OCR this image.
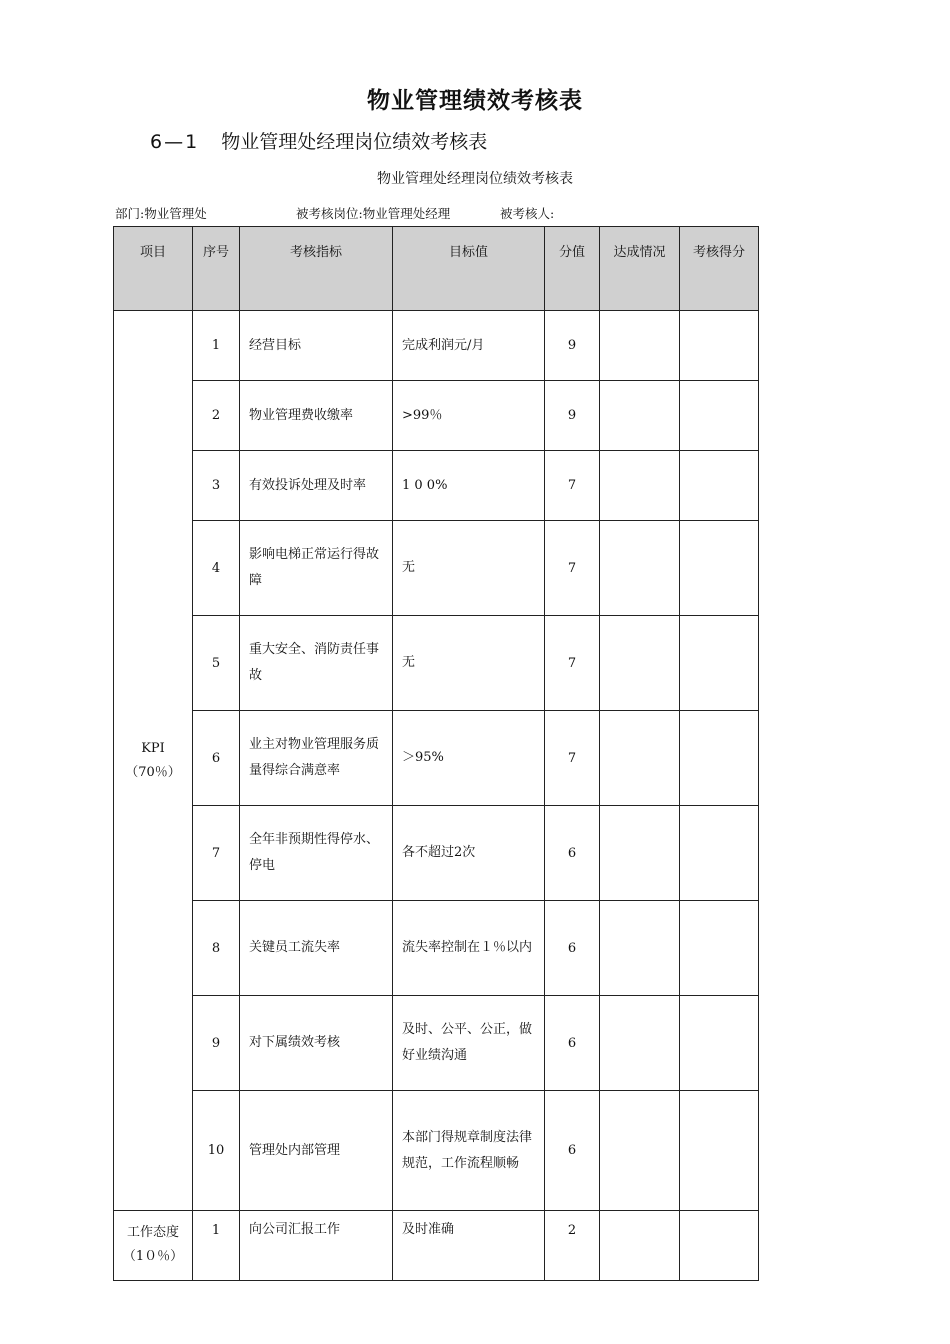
物业管理绩效考核表
6—1 物业管理处经理岗位绩效考核表
物业管理处经理岗位绩效考核表
部门:物业管理处	被考核岗位:物业管理处经理	被考核人:
项目	序号	考核指标	目标值	分值	达成情况	考核得分
KPI（70％）	1	经营目标	完成利润元/月	9		
	2	物业管理费收缴率	>99％	9		
	3	有效投诉处理及时率	1 0 0%	7		
	4	影响电梯正常运行得故障	无	7		
	5	重大安全、消防责任事故	无	7		
	6	业主对物业管理服务质量得综合满意率	＞95%	7		
	7	全年非预期性得停水、停电	各不超过2次	6		
	8	关键员工流失率	流失率控制在１％以内	6		
	9	对下属绩效考核	及时、公平、公正，做好业绩沟通	6		
	10	管理处内部管理	本部门得规章制度法律规范，工作流程顺畅	6		
工作态度（1０％）	1	向公司汇报工作	及时准确	2		
